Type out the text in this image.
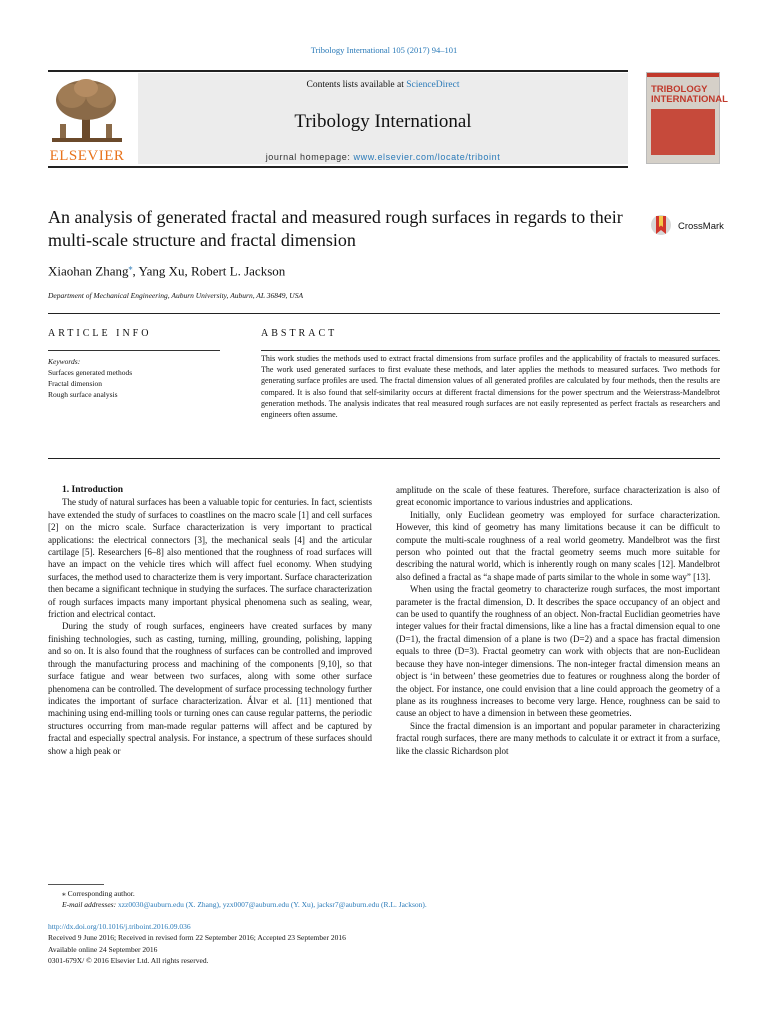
Tribology International 105 (2017) 94–101
ELSEVIER
Contents lists available at ScienceDirect
Tribology International
journal homepage: www.elsevier.com/locate/triboint
TRIBOLOGY INTERNATIONAL
An analysis of generated fractal and measured rough surfaces in regards to their multi-scale structure and fractal dimension
CrossMark
Xiaohan Zhang⁎, Yang Xu, Robert L. Jackson
Department of Mechanical Engineering, Auburn University, Auburn, AL 36849, USA
ARTICLE INFO	ABSTRACT
Keywords:
Surfaces generated methods
Fractal dimension
Rough surface analysis
This work studies the methods used to extract fractal dimensions from surface profiles and the applicability of fractals to measured surfaces. The work used generated surfaces to first evaluate these methods, and later applies the methods to measured surfaces. Two methods for generating surface profiles are used. The fractal dimension values of all generated profiles are calculated by four methods, then the results are compared. It is also found that self-similarity occurs at different fractal dimensions for the power spectrum and the Weierstrass-Mandelbrot generation methods. The analysis indicates that real measured rough surfaces are not easily represented as perfect fractals as researchers and engineers often assume.

1. Introduction

The study of natural surfaces has been a valuable topic for centuries. In fact, scientists have extended the study of surfaces to coastlines on the macro scale [1] and cell surfaces [2] on the micro scale. Surface characterization is very important to practical applications: the electrical connectors [3], the mechanical seals [4] and the articular cartilage [5]. Researchers [6–8] also mentioned that the roughness of road surfaces will have an impact on the vehicle tires which will affect fuel economy. When studying surfaces, the method used to characterize them is very important. Surface characterization then became a significant technique in studying the surfaces. The surface characterization of rough surfaces impacts many important physical phenomena such as sealing, wear, friction and electrical contact.

During the study of rough surfaces, engineers have created surfaces by many finishing technologies, such as casting, turning, milling, grounding, polishing, lapping and so on. It is also found that the roughness of surfaces can be controlled and improved through the manufacturing process and machining of the components [9,10], so that surface fatigue and wear between two surfaces, along with some other surface phenomena can be controlled. The development of surface processing technology further indicates the important of surface characterization. Álvar et al. [11] mentioned that machining using end-milling tools or turning ones can cause regular patterns, the periodic structures occurring from man-made regular patterns will affect and be captured by fractal and especially spectral analysis. For instance, a spectrum of these surfaces should show a high peak or

amplitude on the scale of these features. Therefore, surface characterization is also of great economic importance to various industries and applications.

Initially, only Euclidean geometry was employed for surface characterization. However, this kind of geometry has many limitations because it can be difficult to compute the multi-scale roughness of a real world geometry. Mandelbrot was the first person who pointed out that the fractal geometry seems much more suitable for describing the natural world, which is inherently rough on many scales [12]. Mandelbrot also defined a fractal as “a shape made of parts similar to the whole in some way” [13].

When using the fractal geometry to characterize rough surfaces, the most important parameter is the fractal dimension, D. It describes the space occupancy of an object and can be used to quantify the roughness of an object. Non-fractal Euclidian geometries have integer values for their fractal dimensions, like a line has a fractal dimension equal to one (D=1), the fractal dimension of a plane is two (D=2) and a space has fractal dimension equals to three (D=3). Fractal geometry can work with objects that are non-Euclidean because they have non-integer dimensions. The non-integer fractal dimension means an object is ‘in between’ these geometries due to features or roughness along the border of the object. For instance, one could envision that a line could approach the geometry of a plane as its roughness increases to become very large. Hence, roughness can be said to cause an object to have a dimension in between these geometries.

Since the fractal dimension is an important and popular parameter in characterizing fractal rough surfaces, there are many methods to calculate it or extract it from a surface, like the classic Richardson plot

⁎ Corresponding author.
E-mail addresses: xzz0030@auburn.edu (X. Zhang), yzx0007@auburn.edu (Y. Xu), jacksr7@auburn.edu (R.L. Jackson).
http://dx.doi.org/10.1016/j.triboint.2016.09.036
Received 9 June 2016; Received in revised form 22 September 2016; Accepted 23 September 2016
Available online 24 September 2016
0301-679X/ © 2016 Elsevier Ltd. All rights reserved.
